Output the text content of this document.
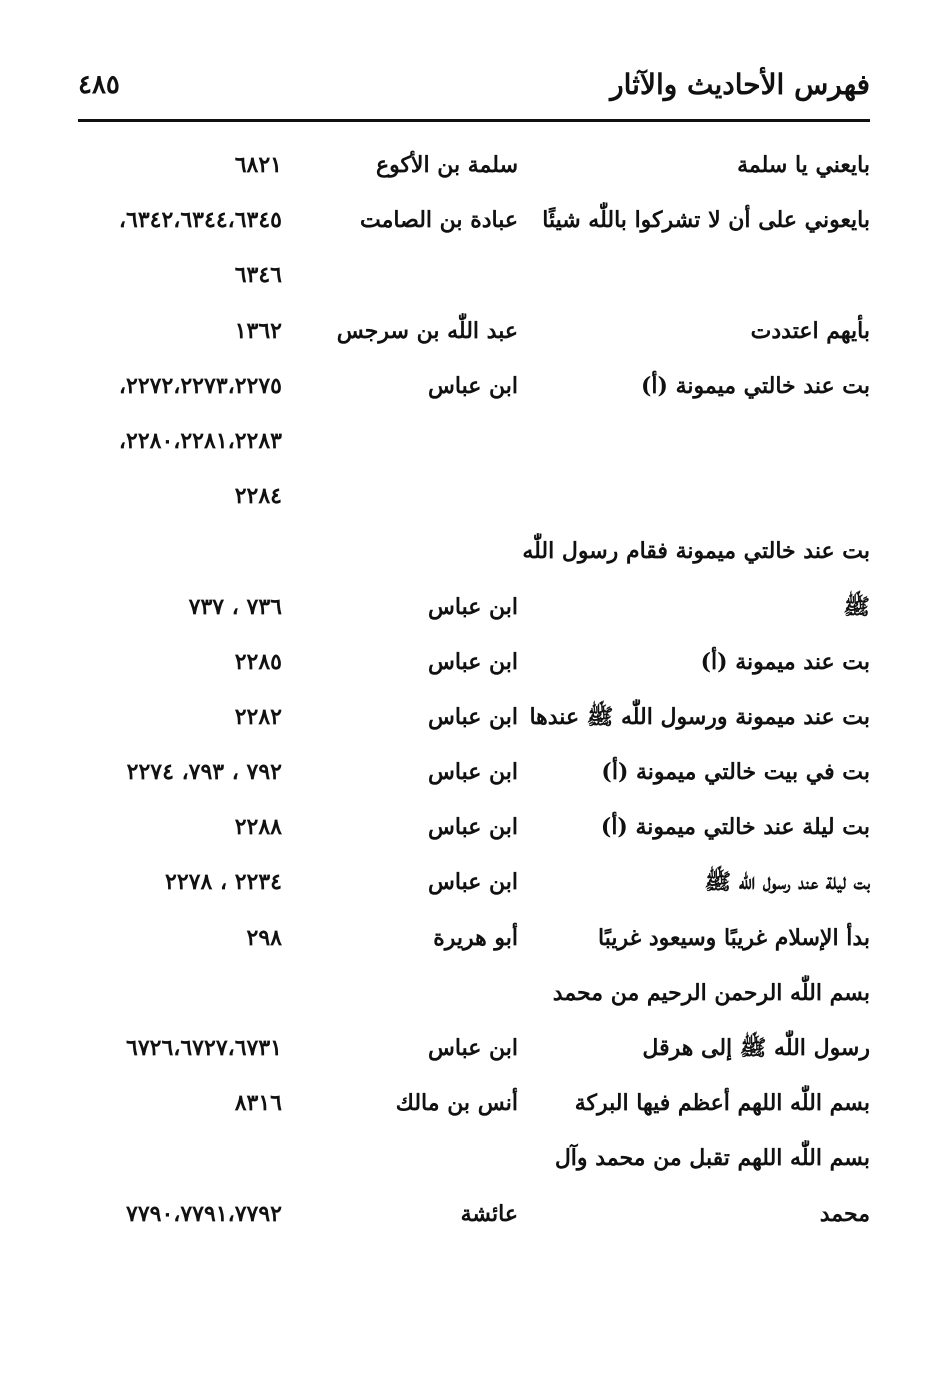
فهرس الأحاديث والآثار
٤٨٥
بايعني يا سلمة
سلمة بن الأكوع
٦٨٢١
بايعوني على أن لا تشركوا باللّٰه شيئًا
عبادة بن الصامت
٦٣٤٢،٦٣٤٤،٦٣٤٥،
٦٣٤٦
بأيهم اعتددت
عبد اللّٰه بن سرجس
١٣٦٢
بت عند خالتي ميمونة (أ)
ابن عباس
٢٢٧٢،٢٢٧٣،٢٢٧٥،
٢٢٨٠،٢٢٨١،٢٢٨٣،
٢٢٨٤
بت عند خالتي ميمونة فقام رسول اللّٰه
ﷺ
ابن عباس
٧٣٦ ، ٧٣٧
بت عند ميمونة (أ)
ابن عباس
٢٢٨٥
بت عند ميمونة ورسول اللّٰه ﷺ عندها
ابن عباس
٢٢٨٢
بت في بيت خالتي ميمونة (أ)
ابن عباس
٧٩٢ ، ٧٩٣، ٢٢٧٤
بت ليلة عند خالتي ميمونة (أ)
ابن عباس
٢٢٨٨
بت ليلة عند رسول اللّٰه ﷺ
ابن عباس
٢٢٣٤ ، ٢٢٧٨
بدأ الإسلام غريبًا وسيعود غريبًا
أبو هريرة
٢٩٨
بسم اللّٰه الرحمن الرحيم من محمد
رسول اللّٰه ﷺ إلى هرقل
ابن عباس
٦٧٢٦،٦٧٢٧،٦٧٣١
بسم اللّٰه اللهم أعظم فيها البركة
أنس بن مالك
٨٣١٦
بسم اللّٰه اللهم تقبل من محمد وآل
محمد
عائشة
٧٧٩٠،٧٧٩١،٧٧٩٢
